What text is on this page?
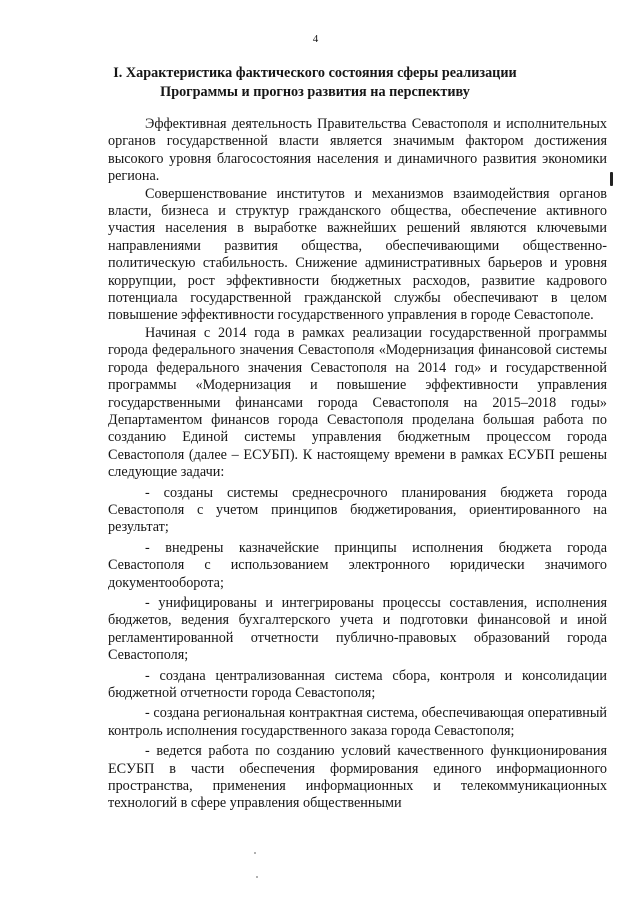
4
I. Характеристика фактического состояния сферы реализации
Программы и прогноз развития на перспективу

Эффективная деятельность Правительства Севастополя и исполнительных органов государственной власти является значимым фактором достижения высокого уровня благосостояния населения и динамичного развития экономики региона.

Совершенствование институтов и механизмов взаимодействия органов власти, бизнеса и структур гражданского общества, обеспечение активного участия населения в выработке важнейших решений являются ключевыми направлениями развития общества, обеспечивающими общественно-политическую стабильность. Снижение административных барьеров и уровня коррупции, рост эффективности бюджетных расходов, развитие кадрового потенциала государственной гражданской службы обеспечивают в целом повышение эффективности государственного управления в городе Севастополе.

Начиная с 2014 года в рамках реализации государственной программы города федерального значения Севастополя «Модернизация финансовой системы города федерального значения Севастополя на 2014 год» и государственной программы «Модернизация и повышение эффективности управления государственными финансами города Севастополя на 2015–2018 годы» Департаментом финансов города Севастополя проделана большая работа по созданию Единой системы управления бюджетным процессом города Севастополя (далее – ЕСУБП). К настоящему времени в рамках ЕСУБП решены следующие задачи:

- созданы системы среднесрочного планирования бюджета города Севастополя с учетом принципов бюджетирования, ориентированного на результат;

- внедрены казначейские принципы исполнения бюджета города Севастополя с использованием электронного юридически значимого документооборота;

- унифицированы и интегрированы процессы составления, исполнения бюджетов, ведения бухгалтерского учета и подготовки финансовой и иной регламентированной отчетности публично-правовых образований города Севастополя;

- создана централизованная система сбора, контроля и консолидации бюджетной отчетности города Севастополя;

- создана региональная контрактная система, обеспечивающая оперативный контроль исполнения государственного заказа города Севастополя;

- ведется работа по созданию условий качественного функционирования ЕСУБП в части обеспечения формирования единого информационного пространства, применения информационных и телекоммуникационных технологий в сфере управления общественными
